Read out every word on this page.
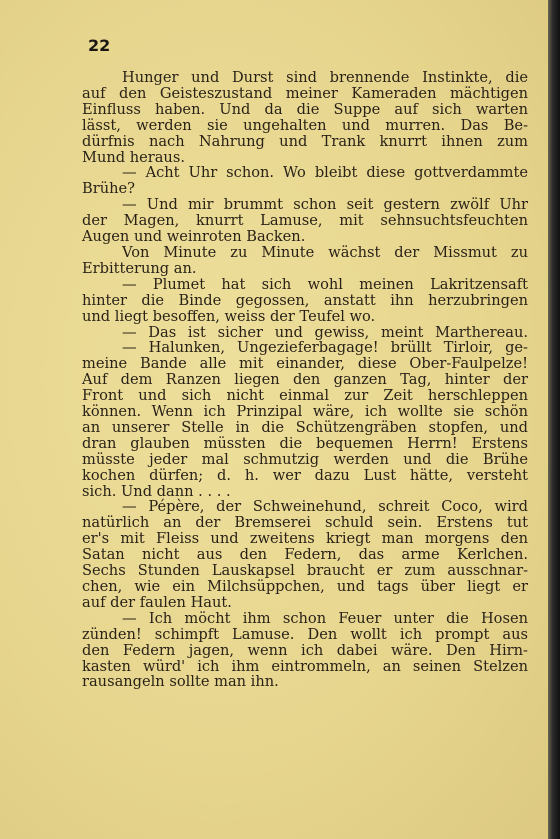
22

Hunger und Durst sind brennende Instinkte, die

auf den Geisteszustand meiner Kameraden mächtigen

Einfluss haben. Und da die Suppe auf sich warten

lässt, werden sie ungehalten und murren. Das Be-

dürfnis nach Nahrung und Trank knurrt ihnen zum

Mund heraus.

— Acht Uhr schon. Wo bleibt diese gottverdammte

Brühe?

— Und mir brummt schon seit gestern zwölf Uhr

der Magen, knurrt Lamuse, mit sehnsuchtsfeuchten

Augen und weinroten Backen.

Von Minute zu Minute wächst der Missmut zu

Erbitterung an.

— Plumet hat sich wohl meinen Lakritzensaft

hinter die Binde gegossen, anstatt ihn herzubringen

und liegt besoffen, weiss der Teufel wo.

— Das ist sicher und gewiss, meint Marthereau.

— Halunken, Ungezieferbagage! brüllt Tirloir, ge-

meine Bande alle mit einander, diese Ober-Faulpelze!

Auf dem Ranzen liegen den ganzen Tag, hinter der

Front und sich nicht einmal zur Zeit herschleppen

können. Wenn ich Prinzipal wäre, ich wollte sie schön

an unserer Stelle in die Schützengräben stopfen, und

dran glauben müssten die bequemen Herrn! Erstens

müsste jeder mal schmutzig werden und die Brühe

kochen dürfen; d. h. wer dazu Lust hätte, versteht

sich. Und dann . . . .

— Pépère, der Schweinehund, schreit Coco, wird

natürlich an der Bremserei schuld sein. Erstens tut

er's mit Fleiss und zweitens kriegt man morgens den

Satan nicht aus den Federn, das arme Kerlchen.

Sechs Stunden Lauskapsel braucht er zum ausschnar-

chen, wie ein Milchsüppchen, und tags über liegt er

auf der faulen Haut.

— Ich möcht ihm schon Feuer unter die Hosen

zünden! schimpft Lamuse. Den wollt ich prompt aus

den Federn jagen, wenn ich dabei wäre. Den Hirn-

kasten würd' ich ihm eintrommeln, an seinen Stelzen

rausangeln sollte man ihn.
